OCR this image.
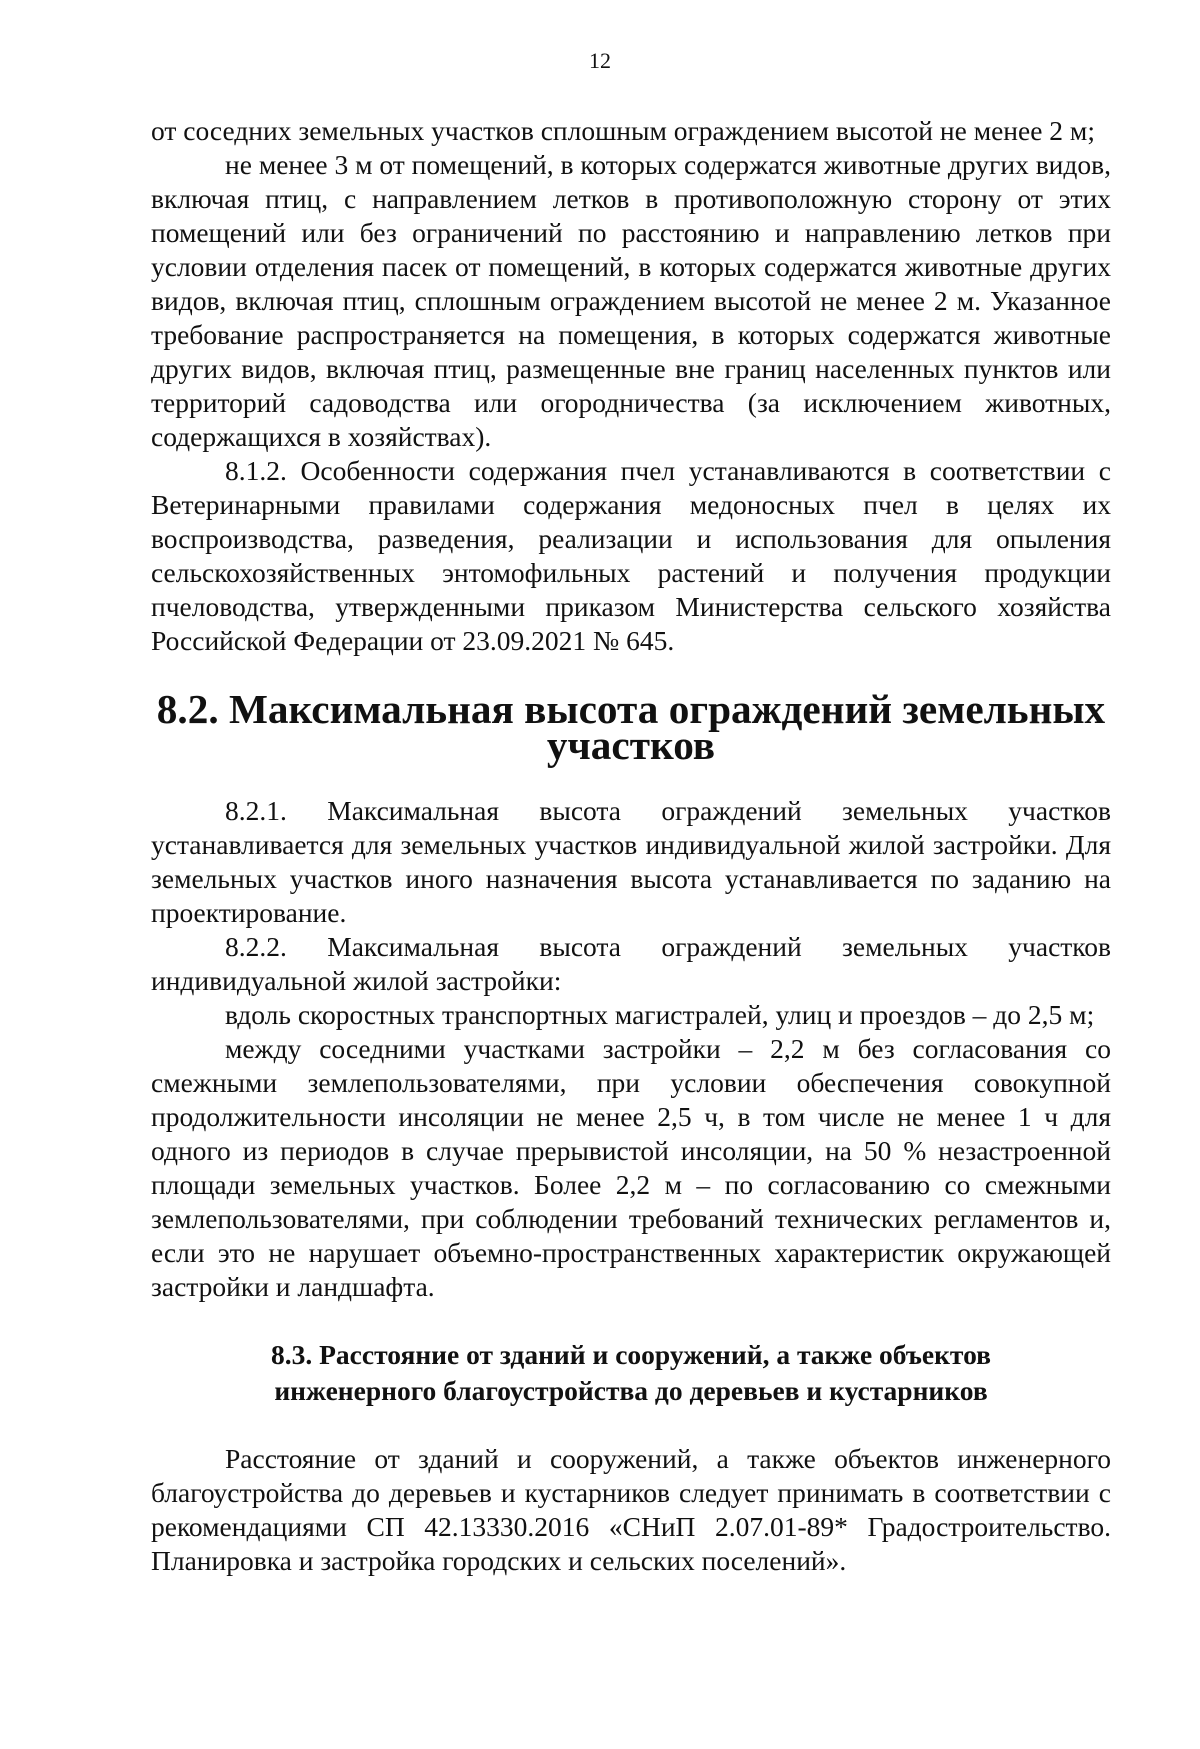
12

от соседних земельных участков сплошным ограждением высотой не менее 2 м;

не менее 3 м от помещений, в которых содержатся животные других видов, включая птиц, с направлением летков в противоположную сторону от этих помещений или без ограничений по расстоянию и направлению летков при условии отделения пасек от помещений, в которых содержатся животные других видов, включая птиц, сплошным ограждением высотой не менее 2 м. Указанное требование распространяется на помещения, в которых содержатся животные других видов, включая птиц, размещенные вне границ населенных пунктов или территорий садоводства или огородничества (за исключением животных, содержащихся в хозяйствах).

8.1.2. Особенности содержания пчел устанавливаются в соответствии с Ветеринарными правилами содержания медоносных пчел в целях их воспроизводства, разведения, реализации и использования для опыления сельскохозяйственных энтомофильных растений и получения продукции пчеловодства, утвержденными приказом Министерства сельского хозяйства Российской Федерации от 23.09.2021 № 645.

8.2. Максимальная высота ограждений земельных участков

8.2.1. Максимальная высота ограждений земельных участков устанавливается для земельных участков индивидуальной жилой застройки. Для земельных участков иного назначения высота устанавливается по заданию на проектирование.

8.2.2. Максимальная высота ограждений земельных участков индивидуальной жилой застройки:

вдоль скоростных транспортных магистралей, улиц и проездов – до 2,5 м;

между соседними участками застройки – 2,2 м без согласования со смежными землепользователями, при условии обеспечения совокупной продолжительности инсоляции не менее 2,5 ч, в том числе не менее 1 ч для одного из периодов в случае прерывистой инсоляции, на 50 % незастроенной площади земельных участков. Более 2,2 м – по согласованию со смежными землепользователями, при соблюдении требований технических регламентов и, если это не нарушает объемно-пространственных характеристик окружающей застройки и ландшафта.

8.3. Расстояние от зданий и сооружений, а также объектов
инженерного благоустройства до деревьев и кустарников

Расстояние от зданий и сооружений, а также объектов инженерного благоустройства до деревьев и кустарников следует принимать в соответствии с рекомендациями СП 42.13330.2016 «СНиП 2.07.01-89* Градостроительство. Планировка и застройка городских и сельских поселений».
